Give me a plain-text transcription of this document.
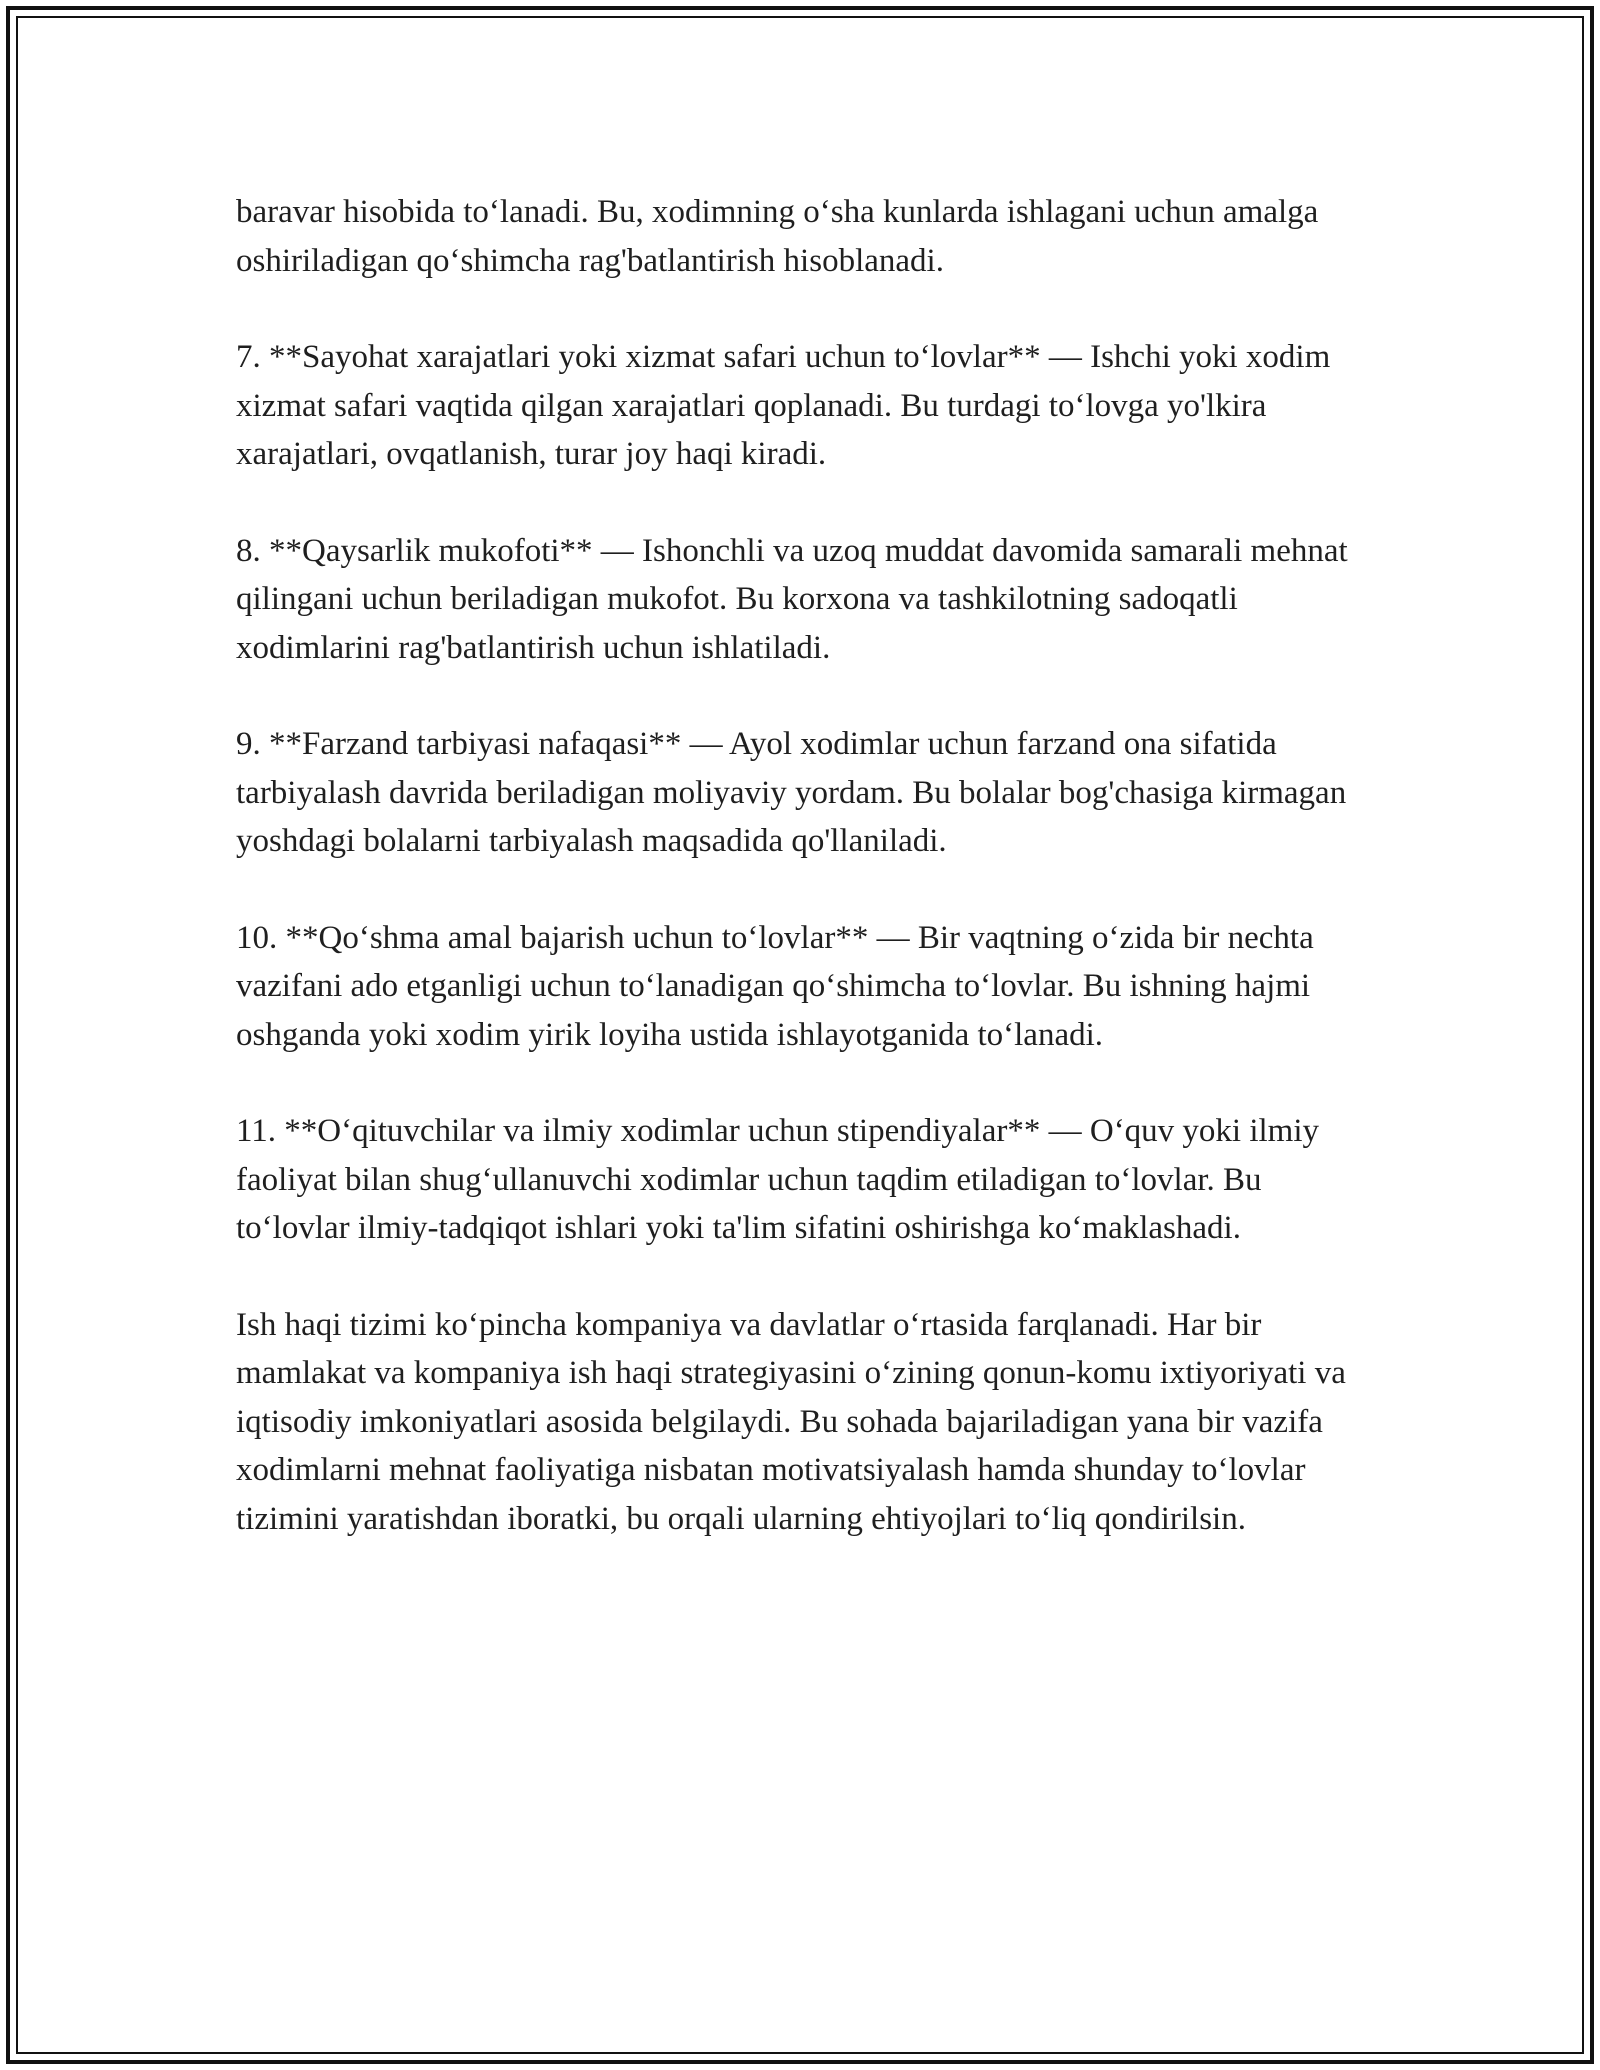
baravar hisobida to‘lanadi. Bu, xodimning o‘sha kunlarda ishlagani uchun amalga oshiriladigan qo‘shimcha rag'batlantirish hisoblanadi.

7. **Sayohat xarajatlari yoki xizmat safari uchun to‘lovlar** — Ishchi yoki xodim xizmat safari vaqtida qilgan xarajatlari qoplanadi. Bu turdagi to‘lovga yo'lkira xarajatlari, ovqatlanish, turar joy haqi kiradi.

8. **Qaysarlik mukofoti** — Ishonchli va uzoq muddat davomida samarali mehnat qilingani uchun beriladigan mukofot. Bu korxona va tashkilotning sadoqatli xodimlarini rag'batlantirish uchun ishlatiladi.

9. **Farzand tarbiyasi nafaqasi** — Ayol xodimlar uchun farzand ona sifatida tarbiyalash davrida beriladigan moliyaviy yordam. Bu bolalar bog'chasiga kirmagan yoshdagi bolalarni tarbiyalash maqsadida qo'llaniladi.

10. **Qo‘shma amal bajarish uchun to‘lovlar** — Bir vaqtning o‘zida bir nechta vazifani ado etganligi uchun to‘lanadigan qo‘shimcha to‘lovlar. Bu ishning hajmi oshganda yoki xodim yirik loyiha ustida ishlayotganida to‘lanadi.

11. **O‘qituvchilar va ilmiy xodimlar uchun stipendiyalar** — O‘quv yoki ilmiy faoliyat bilan shug‘ullanuvchi xodimlar uchun taqdim etiladigan to‘lovlar. Bu to‘lovlar ilmiy-tadqiqot ishlari yoki ta'lim sifatini oshirishga ko‘maklashadi.

Ish haqi tizimi ko‘pincha kompaniya va davlatlar o‘rtasida farqlanadi. Har bir mamlakat va kompaniya ish haqi strategiyasini o‘zining qonun-komu ixtiyoriyati va iqtisodiy imkoniyatlari asosida belgilaydi. Bu sohada bajariladigan yana bir vazifa xodimlarni mehnat faoliyatiga nisbatan motivatsiyalash hamda shunday to‘lovlar tizimini yaratishdan iboratki, bu orqali ularning ehtiyojlari to‘liq qondirilsin.
